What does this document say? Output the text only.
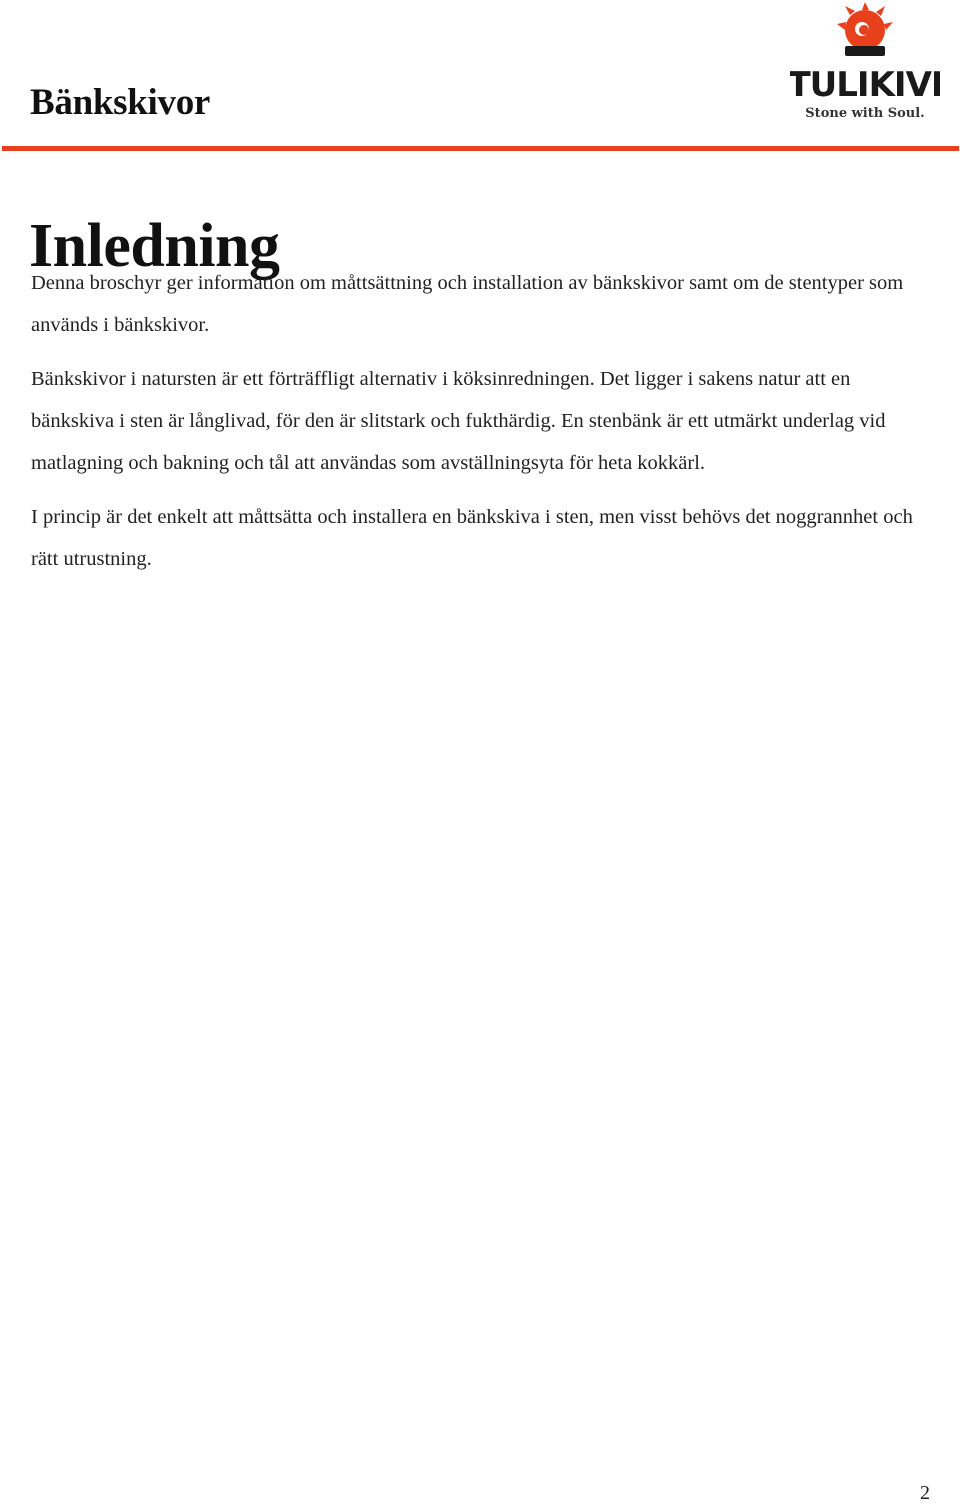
Bänkskivor	TULIKIVI
Stone with Soul.
Inledning

Denna broschyr ger information om måttsättning och installation av bänkskivor samt om de stentyper som används i bänkskivor.

Bänkskivor i natursten är ett förträffligt alternativ i köksinredningen. Det ligger i sakens natur att en bänkskiva i sten är långlivad, för den är slitstark och fukthärdig. En stenbänk är ett utmärkt underlag vid matlagning och bakning och tål att användas som avställningsyta för heta kokkärl.

I princip är det enkelt att måttsätta och installera en bänkskiva i sten, men visst behövs det noggrannhet och rätt utrustning.

2
